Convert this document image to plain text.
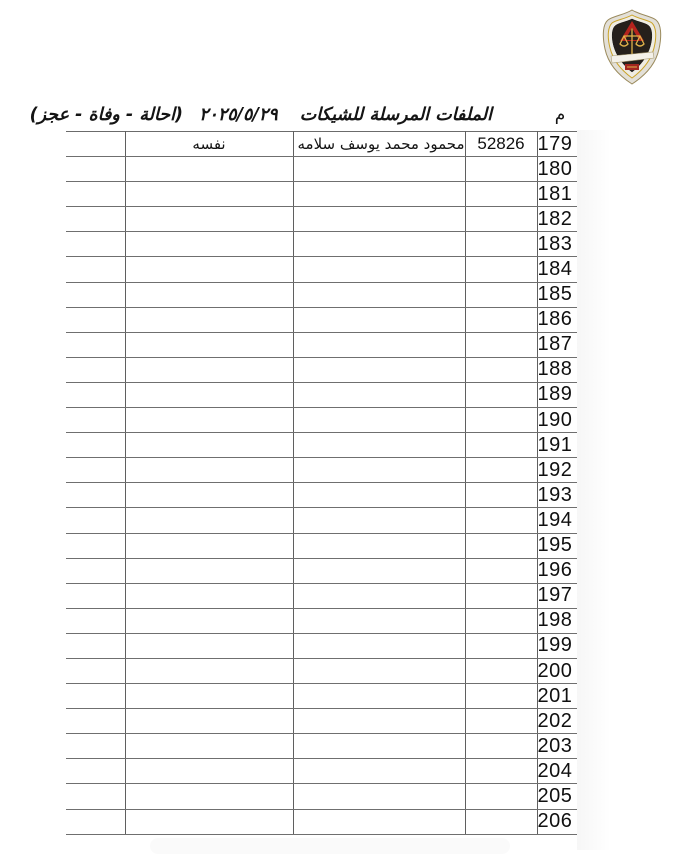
الملفات المرسلة للشيكات ٢٠٢٥/٥/٢٩ (احالة - وفاة - عجز)	م
	نفسه	محمود محمد يوسف سلامه	52826	179
				180
				181
				182
				183
				184
				185
				186
				187
				188
				189
				190
				191
				192
				193
				194
				195
				196
				197
				198
				199
				200
				201
				202
				203
				204
				205
				206
